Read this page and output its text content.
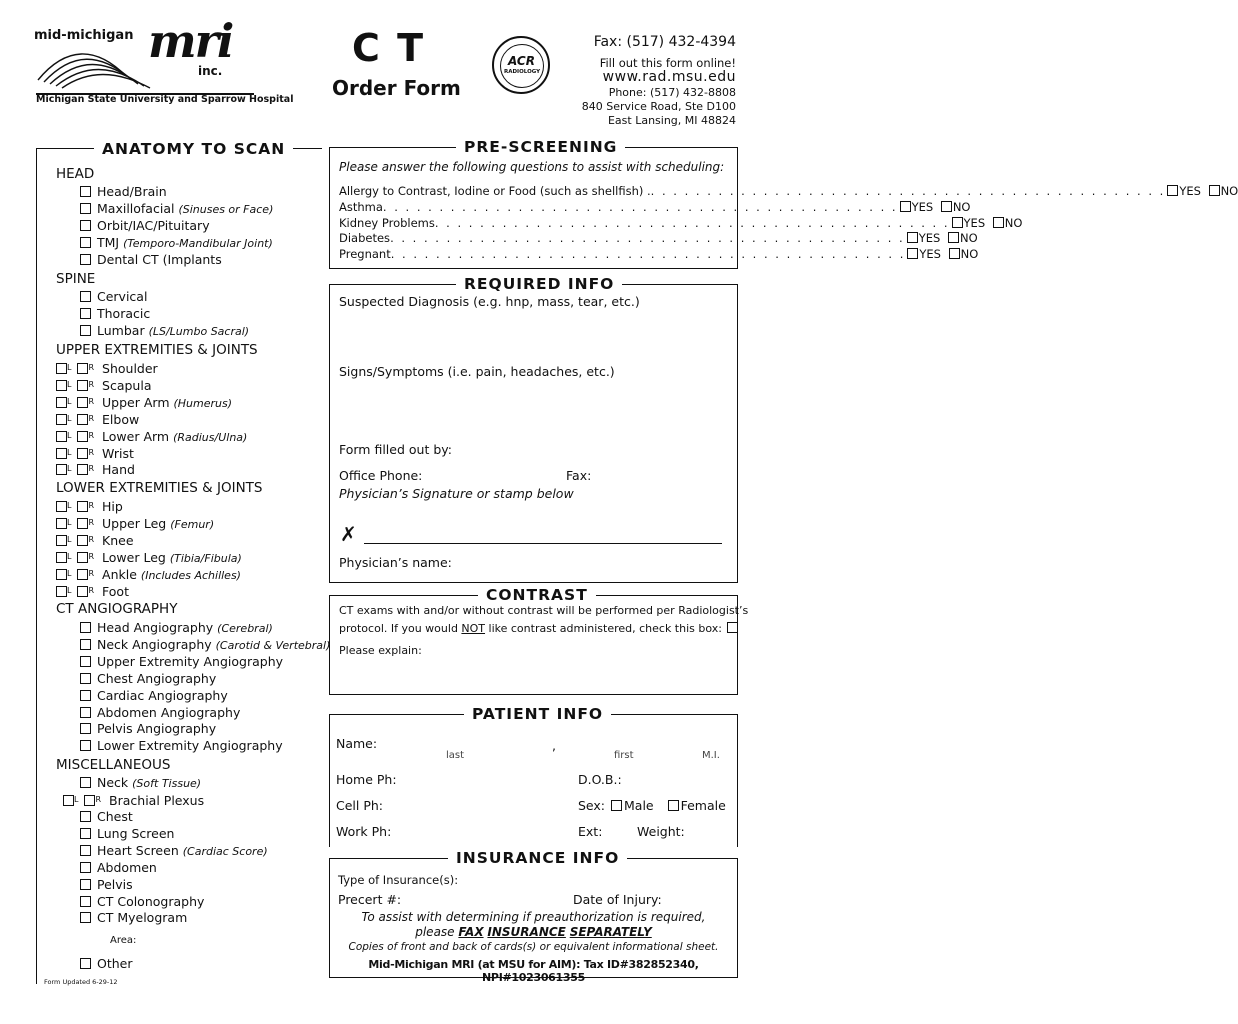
mid-michigan mri
inc.
Michigan State University and Sparrow Hospital
C T
Order Form
ACR
RADIOLOGY
Fax: (517) 432-4394
Fill out this form online!
www.rad.msu.edu
Phone: (517) 432-8808
840 Service Road, Ste D100
East Lansing, MI 48824
ANATOMY TO SCAN
HEAD
Head/Brain
Maxillofacial (Sinuses or Face)
Orbit/IAC/Pituitary
TMJ (Temporo-Mandibular Joint)
Dental CT (Implants
SPINE
Cervical
Thoracic
Lumbar (LS/Lumbo Sacral)
UPPER EXTREMITIES & JOINTS
L R Shoulder
L R Scapula
L R Upper Arm (Humerus)
L R Elbow
L R Lower Arm (Radius/Ulna)
L R Wrist
L R Hand
LOWER EXTREMITIES & JOINTS
L R Hip
L R Upper Leg (Femur)
L R Knee
L R Lower Leg (Tibia/Fibula)
L R Ankle (Includes Achilles)
L R Foot
CT ANGIOGRAPHY
Head Angiography (Cerebral)
Neck Angiography (Carotid & Vertebral)
Upper Extremity Angiography
Chest Angiography
Cardiac Angiography
Abdomen Angiography
Pelvis Angiography
Lower Extremity Angiography
MISCELLANEOUS
Neck (Soft Tissue)
L R Brachial Plexus
Chest
Lung Screen
Heart Screen (Cardiac Score)
Abdomen
Pelvis
CT Colonography
CT Myelogram
Area:
Other
Form Updated 6-29-12
PRE-SCREENING
Please answer the following questions to assist with scheduling:
Allergy to Contrast, Iodine or Food (such as shellfish) . . . . . . . . . . . . . . . . . . . . . . . . . . . . . . . . . . . . . . . . . . . . . . .	YES NO
Asthma . . . . . . . . . . . . . . . . . . . . . . . . . . . . . . . . . . . . . . . . . . . . . .	YES NO
Kidney Problems . . . . . . . . . . . . . . . . . . . . . . . . . . . . . . . . . . . . . . . . . . . . . .	YES NO
Diabetes . . . . . . . . . . . . . . . . . . . . . . . . . . . . . . . . . . . . . . . . . . . . . .	YES NO
Pregnant . . . . . . . . . . . . . . . . . . . . . . . . . . . . . . . . . . . . . . . . . . . . . .	YES NO
REQUIRED INFO
Suspected Diagnosis (e.g. hnp, mass, tear, etc.)
Signs/Symptoms (i.e. pain, headaches, etc.)
Form filled out by:
Office Phone:	Fax:
Physician’s Signature or stamp below
✗
Physician’s name:
CONTRAST
CT exams with and/or without contrast will be performed per Radiologist’s
protocol. If you would NOT like contrast administered, check this box:
Please explain:
PATIENT INFO
Name:	,
last	first	M.I.
Home Ph:	D.O.B.:
Cell Ph:	Sex: Male Female
Work Ph:	Ext:	Weight:
INSURANCE INFO
Type of Insurance(s):
Precert #:	Date of Injury:
To assist with determining if preauthorization is required,
please FAX INSURANCE SEPARATELY
Copies of front and back of cards(s) or equivalent informational sheet.
Mid-Michigan MRI (at MSU for AIM): Tax ID#382852340, NPI#1023061355
